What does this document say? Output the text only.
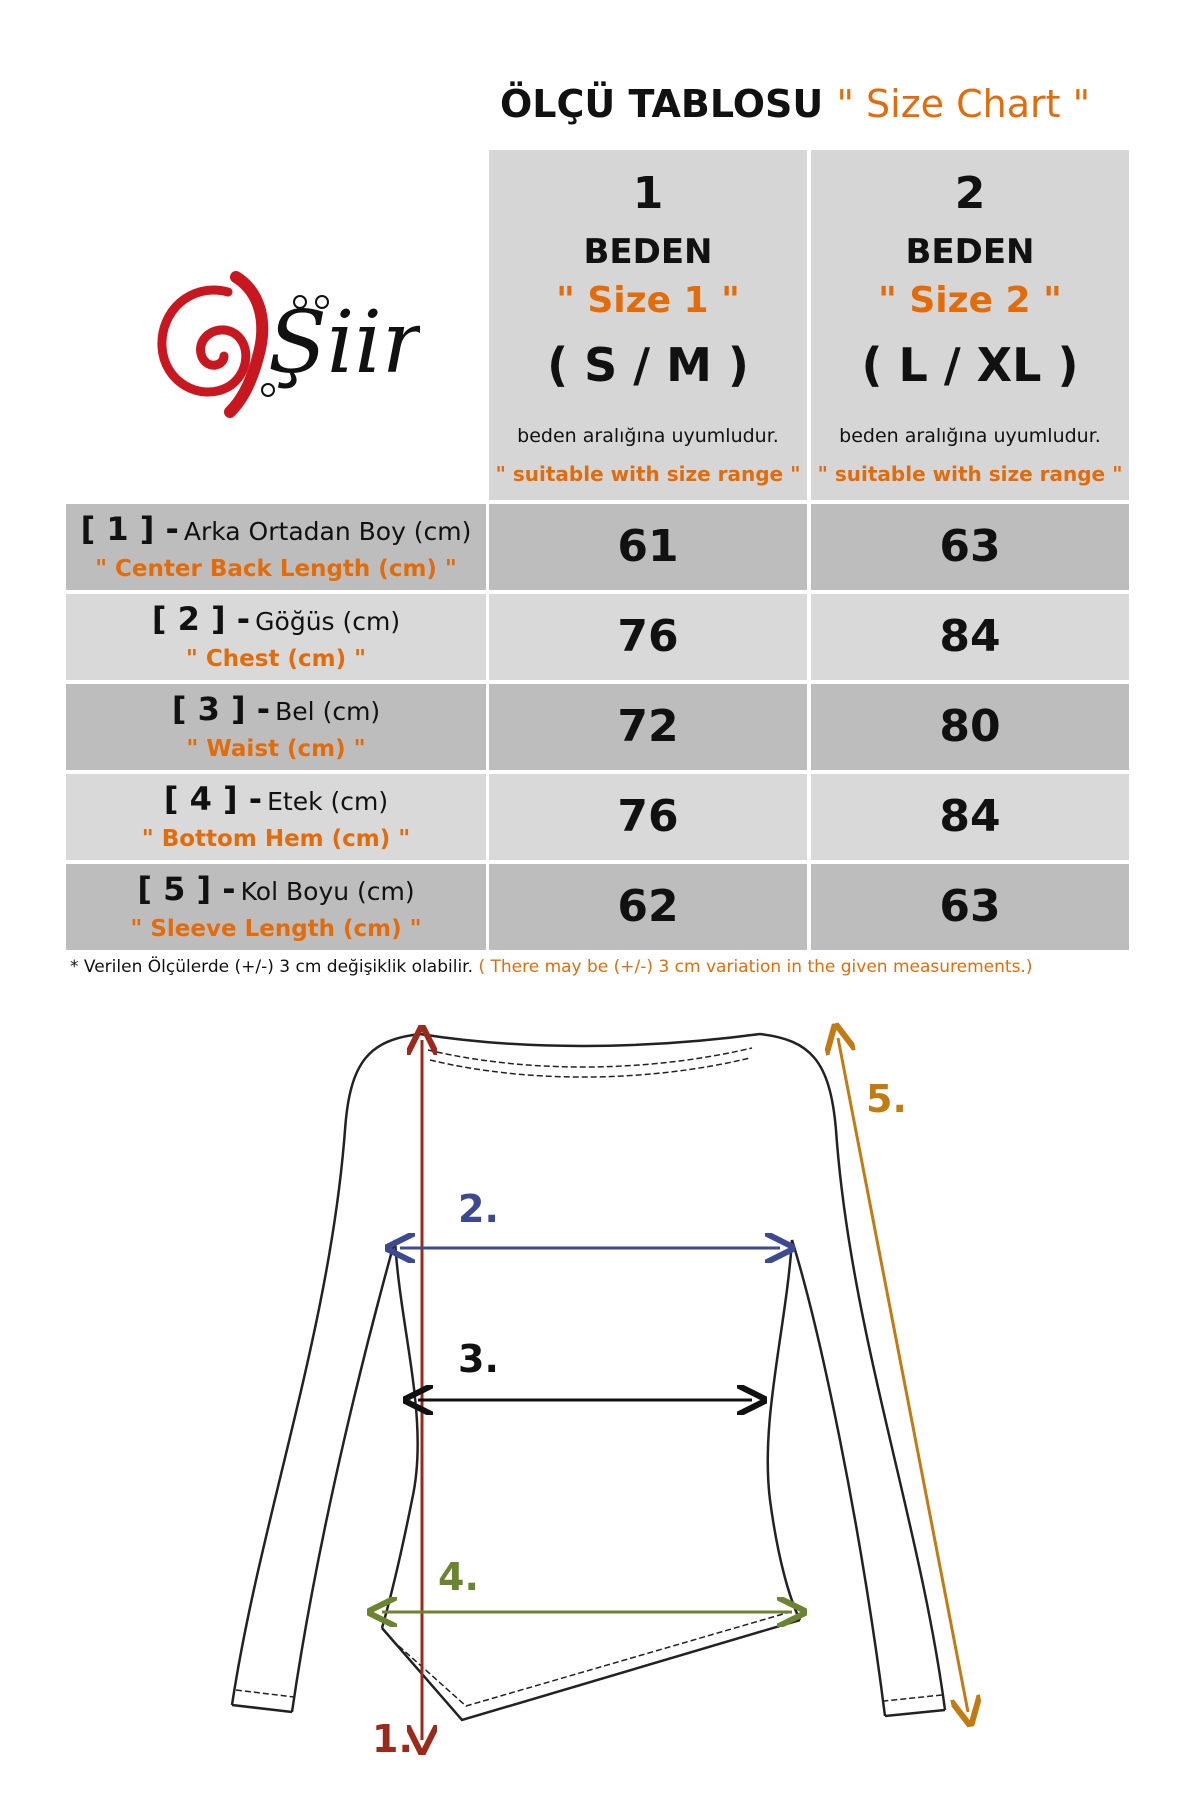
ÖLÇÜ TABLOSU " Size Chart "
Şiir
1
BEDEN
" Size 1 "
( S / M )
beden aralığına uyumludur.
" suitable with size range "
2
BEDEN
" Size 2 "
( L / XL )
beden aralığına uyumludur.
" suitable with size range "
[ 1 ] - Arka Ortadan Boy (cm)
" Center Back Length (cm) "	61	63
[ 2 ] - Göğüs (cm)
" Chest (cm) "	76	84
[ 3 ] - Bel (cm)
" Waist (cm) "	72	80
[ 4 ] - Etek (cm)
" Bottom Hem (cm) "	76	84
[ 5 ] - Kol Boyu (cm)
" Sleeve Length (cm) "	62	63
* Verilen Ölçülerde (+/-) 3 cm değişiklik olabilir. ( There may be (+/-) 3 cm variation in the given measurements.)
1.
2.
3.
4.
5.
